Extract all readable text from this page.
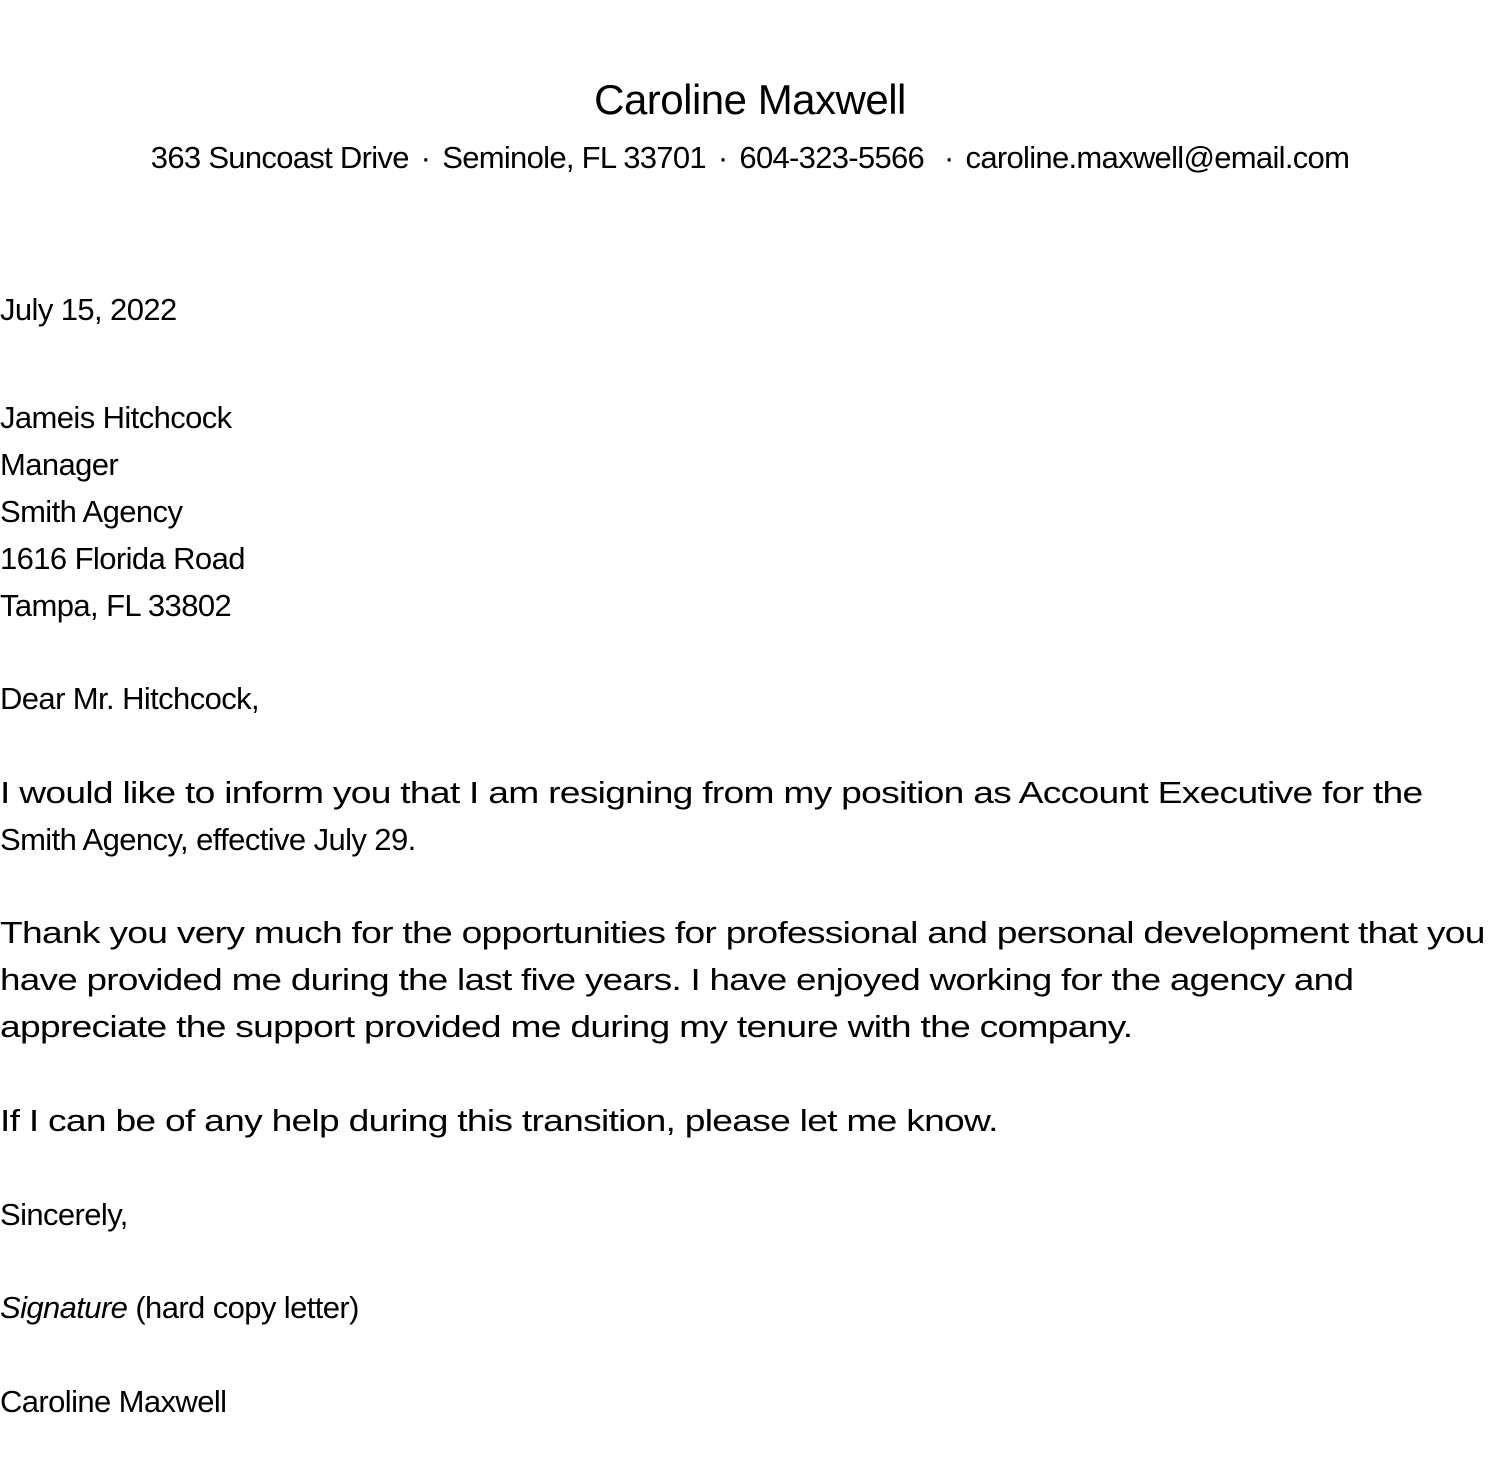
Caroline Maxwell
363 Suncoast Drive · Seminole, FL 33701 · 604-323-5566 · caroline.maxwell@email.com
July 15, 2022
Jameis Hitchcock
Manager
Smith Agency
1616 Florida Road
Tampa, FL 33802
Dear Mr. Hitchcock,
I would like to inform you that I am resigning from my position as Account Executive for the
Smith Agency, effective July 29.
Thank you very much for the opportunities for professional and personal development that you
have provided me during the last five years. I have enjoyed working for the agency and
appreciate the support provided me during my tenure with the company.
If I can be of any help during this transition, please let me know.
Sincerely,
Signature (hard copy letter)
Caroline Maxwell
